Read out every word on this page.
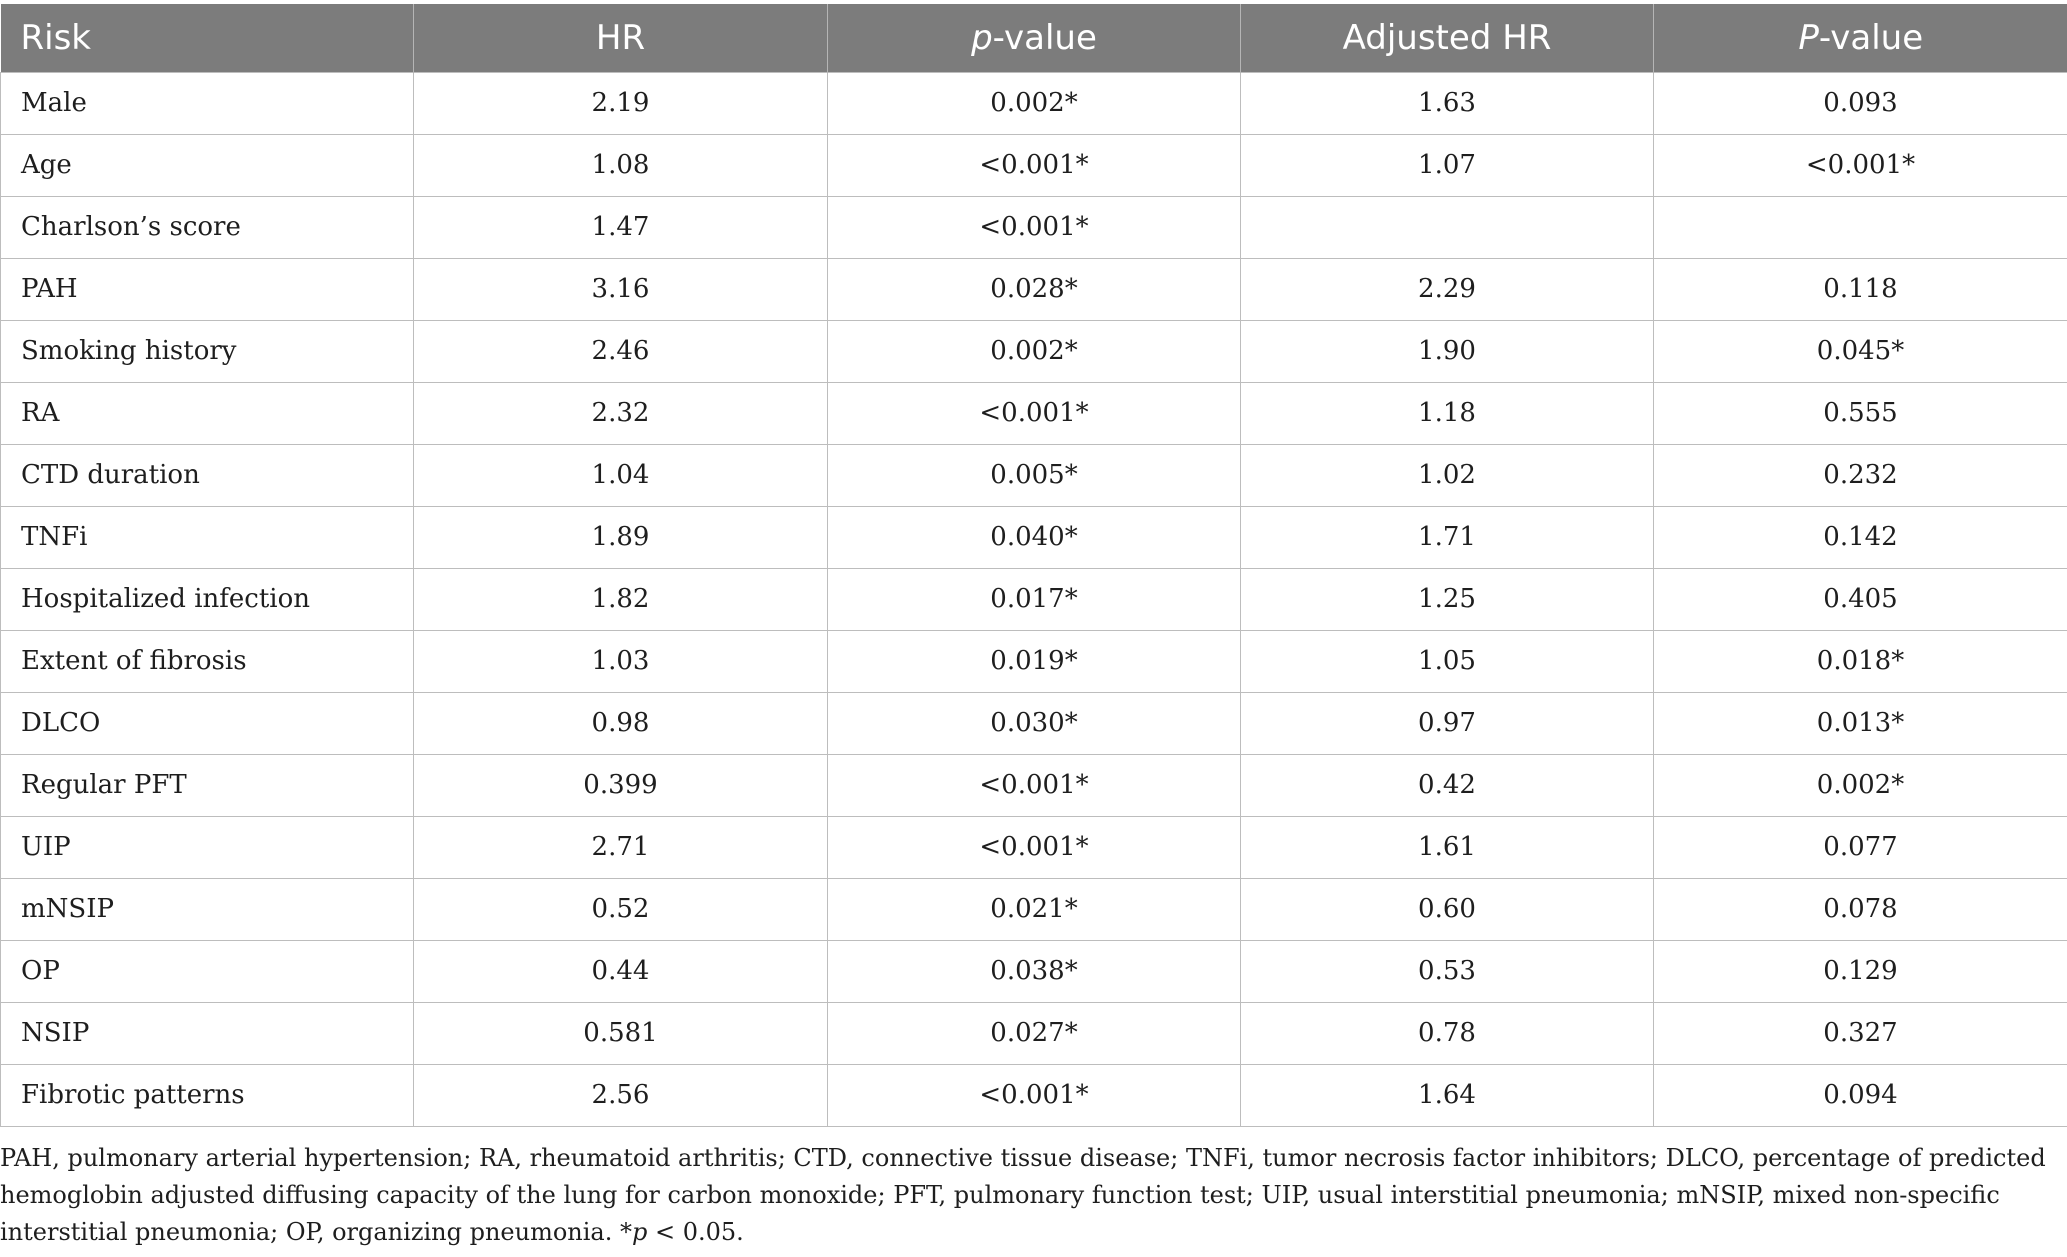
Risk	HR	p-value	Adjusted HR	P-value
Male	2.19	0.002*	1.63	0.093
Age	1.08	<0.001*	1.07	<0.001*
Charlson’s score	1.47	<0.001*		
PAH	3.16	0.028*	2.29	0.118
Smoking history	2.46	0.002*	1.90	0.045*
RA	2.32	<0.001*	1.18	0.555
CTD duration	1.04	0.005*	1.02	0.232
TNFi	1.89	0.040*	1.71	0.142
Hospitalized infection	1.82	0.017*	1.25	0.405
Extent of fibrosis	1.03	0.019*	1.05	0.018*
DLCO	0.98	0.030*	0.97	0.013*
Regular PFT	0.399	<0.001*	0.42	0.002*
UIP	2.71	<0.001*	1.61	0.077
mNSIP	0.52	0.021*	0.60	0.078
OP	0.44	0.038*	0.53	0.129
NSIP	0.581	0.027*	0.78	0.327
Fibrotic patterns	2.56	<0.001*	1.64	0.094
PAH, pulmonary arterial hypertension; RA, rheumatoid arthritis; CTD, connective tissue disease; TNFi, tumor necrosis factor inhibitors; DLCO, percentage of predicted hemoglobin adjusted diffusing capacity of the lung for carbon monoxide; PFT, pulmonary function test; UIP, usual interstitial pneumonia; mNSIP, mixed non-specific interstitial pneumonia; OP, organizing pneumonia. *p < 0.05.
